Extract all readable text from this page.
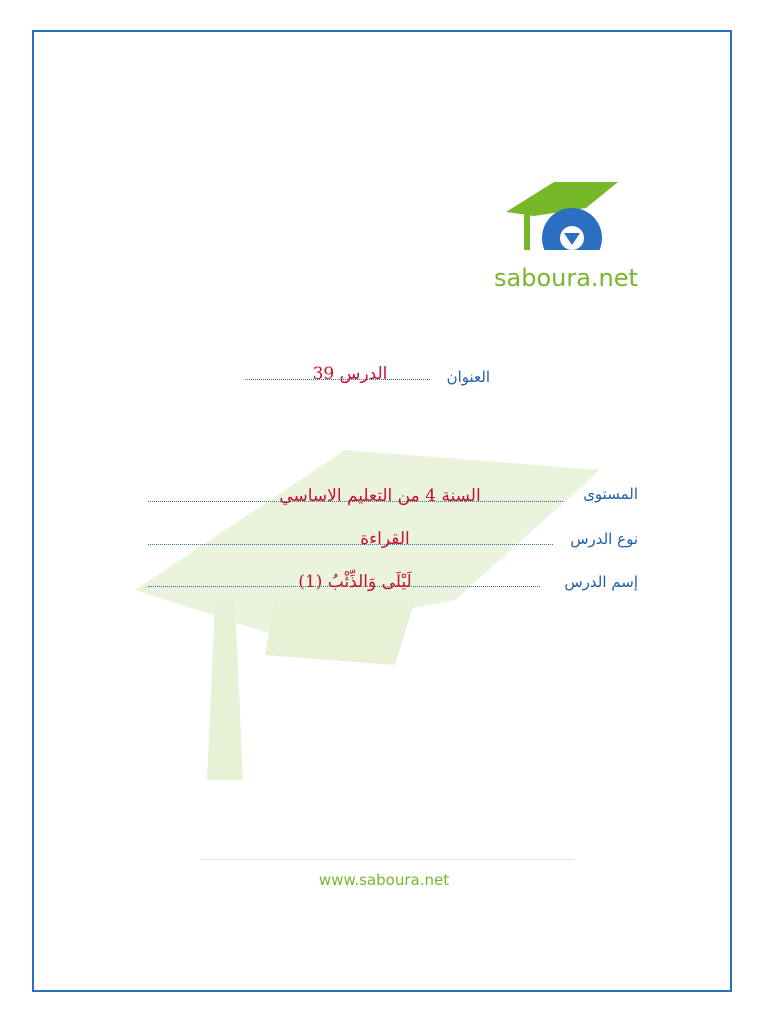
saboura.net
العنوان
الدرس 39
المستوى
السنة 4 من التعليم الاساسي
نوع الدرس
القراءة
إسم الدرس
لَيْلَى وَالذِّئْبُ (1)
www.saboura.net
